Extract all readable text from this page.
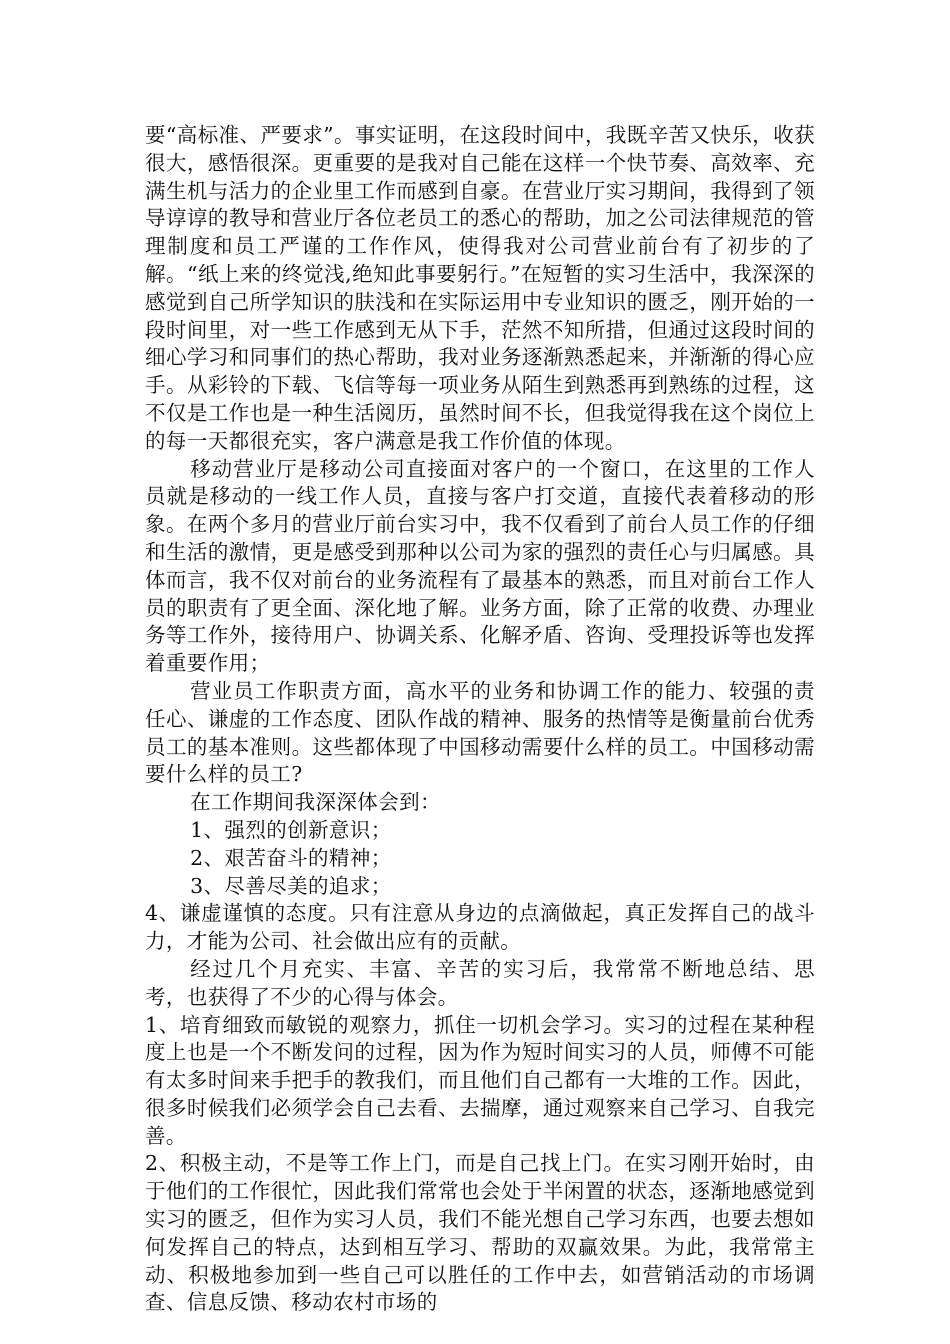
要“高标准、严要求”。事实证明，在这段时间中，我既辛苦又快乐，收获很大，感悟很深。更重要的是我对自己能在这样一个快节奏、高效率、充满生机与活力的企业里工作而感到自豪。在营业厅实习期间，我得到了领导谆谆的教导和营业厅各位老员工的悉心的帮助，加之公司法律规范的管理制度和员工严谨的工作作风，使得我对公司营业前台有了初步的了解。“纸上来的终觉浅,绝知此事要躬行。”在短暂的实习生活中，我深深的感觉到自己所学知识的肤浅和在实际运用中专业知识的匮乏，刚开始的一段时间里，对一些工作感到无从下手，茫然不知所措，但通过这段时间的细心学习和同事们的热心帮助，我对业务逐渐熟悉起来，并渐渐的得心应手。从彩铃的下载、飞信等每一项业务从陌生到熟悉再到熟练的过程，这不仅是工作也是一种生活阅历，虽然时间不长，但我觉得我在这个岗位上的每一天都很充实，客户满意是我工作价值的体现。

移动营业厅是移动公司直接面对客户的一个窗口，在这里的工作人员就是移动的一线工作人员，直接与客户打交道，直接代表着移动的形象。在两个多月的营业厅前台实习中，我不仅看到了前台人员工作的仔细和生活的激情，更是感受到那种以公司为家的强烈的责任心与归属感。具体而言，我不仅对前台的业务流程有了最基本的熟悉，而且对前台工作人员的职责有了更全面、深化地了解。业务方面，除了正常的收费、办理业务等工作外，接待用户、协调关系、化解矛盾、咨询、受理投诉等也发挥着重要作用；

营业员工作职责方面，高水平的业务和协调工作的能力、较强的责任心、谦虚的工作态度、团队作战的精神、服务的热情等是衡量前台优秀员工的基本准则。这些都体现了中国移动需要什么样的员工。中国移动需要什么样的员工?

在工作期间我深深体会到：

1、强烈的创新意识；

2、艰苦奋斗的精神；

3、尽善尽美的追求；

4、谦虚谨慎的态度。只有注意从身边的点滴做起，真正发挥自己的战斗力，才能为公司、社会做出应有的贡献。

经过几个月充实、丰富、辛苦的实习后，我常常不断地总结、思考，也获得了不少的心得与体会。

1、培育细致而敏锐的观察力，抓住一切机会学习。实习的过程在某种程度上也是一个不断发问的过程，因为作为短时间实习的人员，师傅不可能有太多时间来手把手的教我们，而且他们自己都有一大堆的工作。因此，很多时候我们必须学会自己去看、去揣摩，通过观察来自己学习、自我完善。

2、积极主动，不是等工作上门，而是自己找上门。在实习刚开始时，由于他们的工作很忙，因此我们常常也会处于半闲置的状态，逐渐地感觉到实习的匮乏，但作为实习人员，我们不能光想自己学习东西，也要去想如何发挥自己的特点，达到相互学习、帮助的双赢效果。为此，我常常主动、积极地参加到一些自己可以胜任的工作中去，如营销活动的市场调查、信息反馈、移动农村市场的
